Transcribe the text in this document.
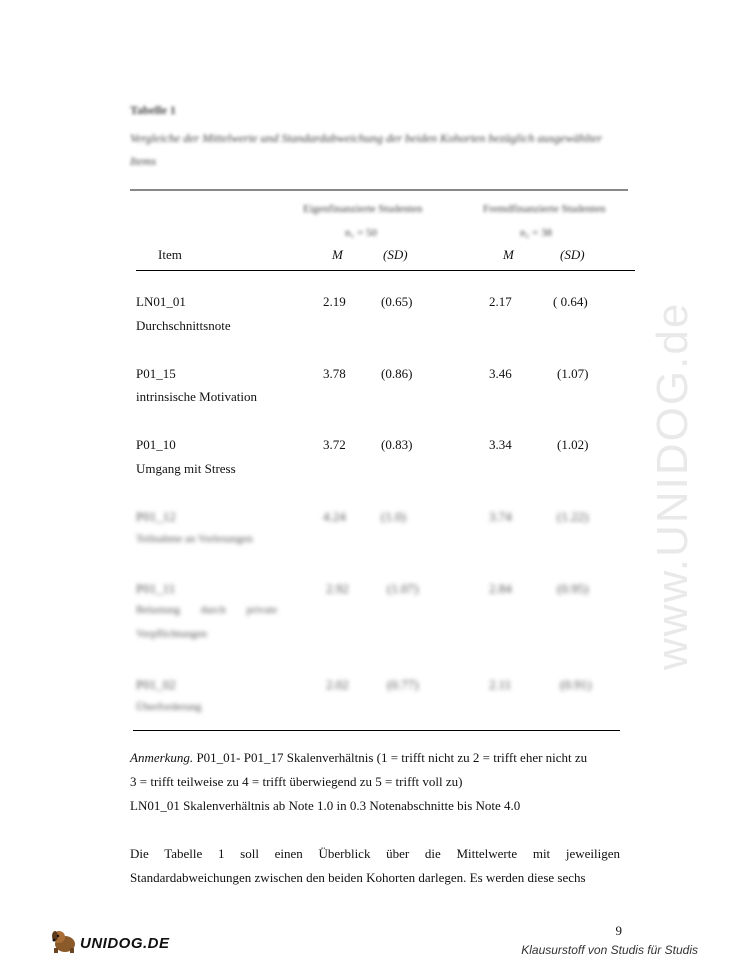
Tabelle 1
Vergleiche der Mittelwerte und Standardabweichung der beiden Kohorten bezüglich ausgewählter Items
Eigenfinanzierte Studenten
n₁ = 50
Fremdfinanzierte Studenten
n₂ = 38
Item	M	(SD)	M	(SD)
LN01_01
Durchschnittsnote
2.19	(0.65)	2.17	( 0.64)
P01_15
intrinsische Motivation
3.78	(0.86)	3.46	(1.07)
P01_10
Umgang mit Stress
3.72	(0.83)	3.34	(1.02)
P01_12
Teilnahme an Vorlesungen
4.24	(1.0)	3.74	(1.22)
P01_11
Belastung durch private
Verpflichtungen
2.92	(1.07)	2.84	(0.95)
P01_02
Überforderung
2.02	(0.77)	2.11	(0.91)

Anmerkung. P01_01- P01_17 Skalenverhältnis (1 = trifft nicht zu 2 = trifft eher nicht zu

3 = trifft teilweise zu 4 = trifft überwiegend zu 5 = trifft voll zu)

LN01_01 Skalenverhältnis ab Note 1.0 in 0.3 Notenabschnitte bis Note 4.0

Die Tabelle 1 soll einen Überblick über die Mittelwerte mit jeweiligen Standardabweichungen zwischen den beiden Kohorten darlegen. Es werden diese sechs
9
www.UNIDOG.de
UNIDOG.DE	Klausurstoff von Studis für Studis
